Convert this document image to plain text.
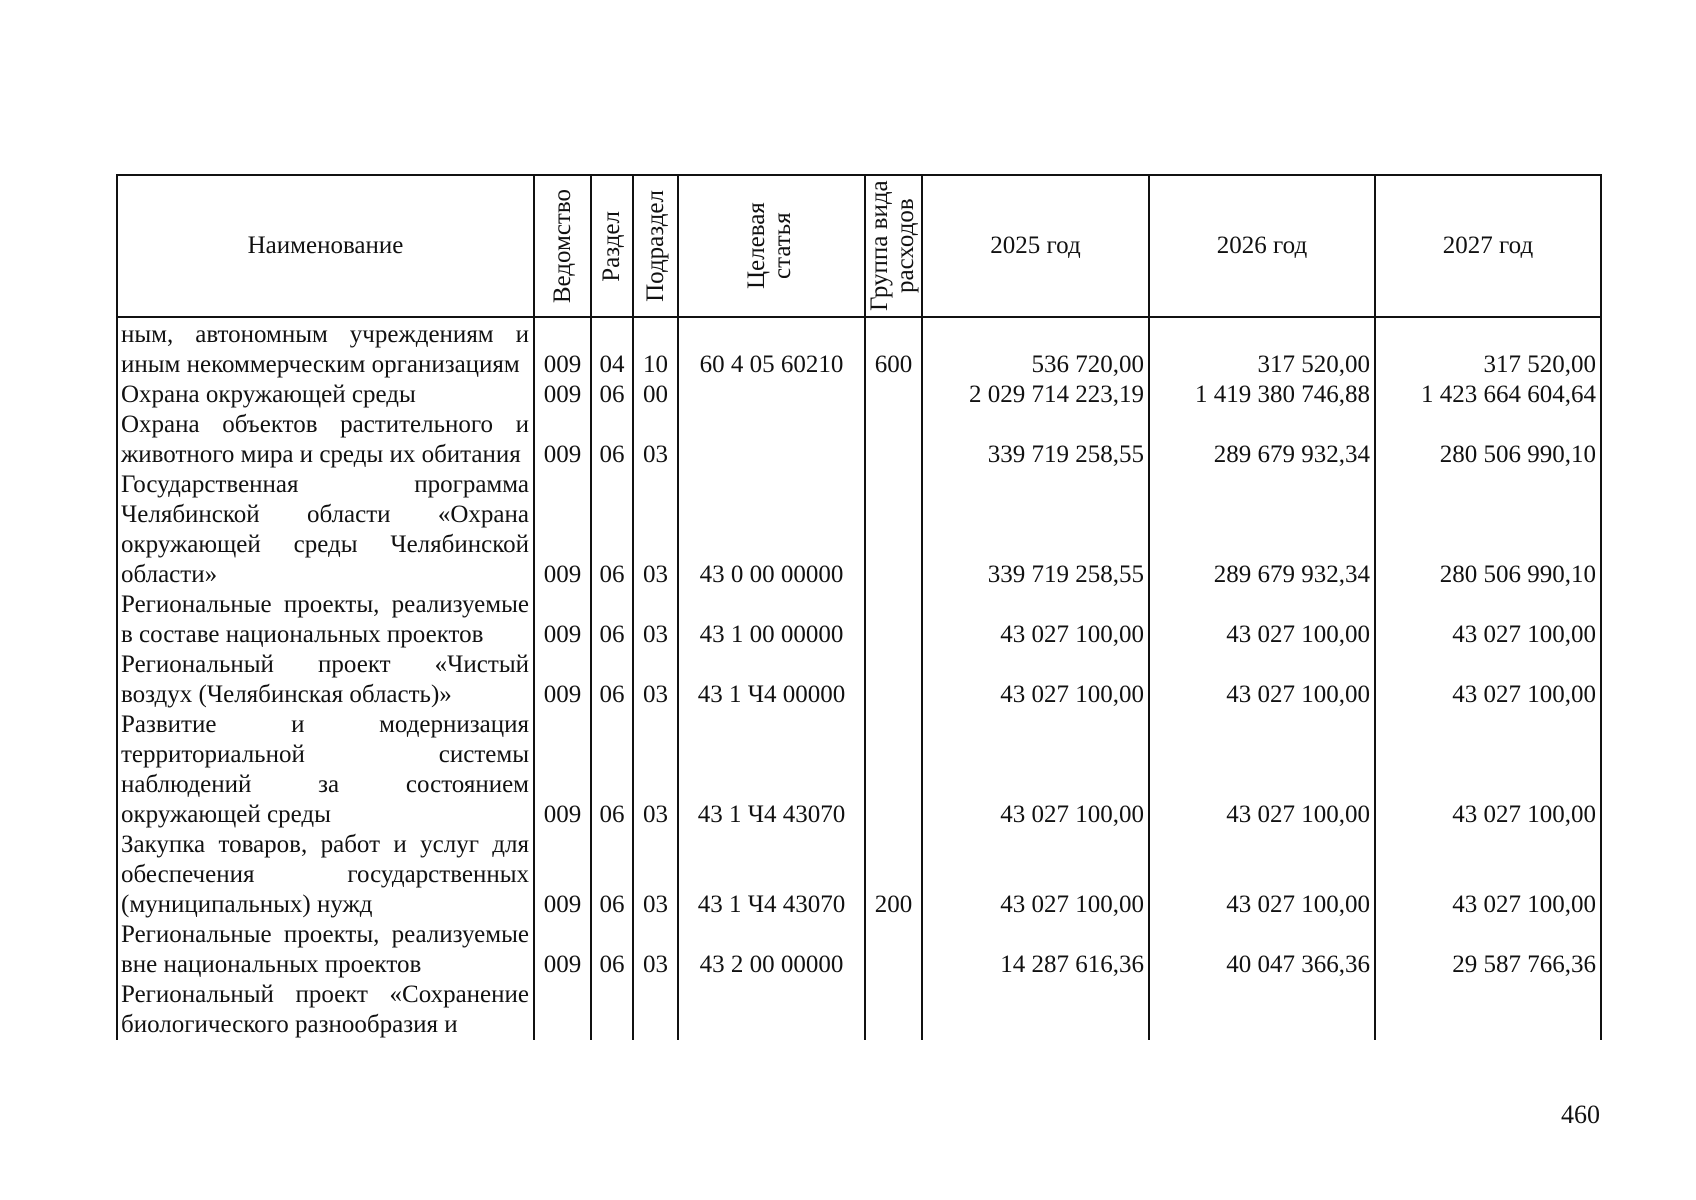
Наименование	Ведомство	Раздел	Подраздел	Целевая статья	Группа вида расходов	2025 год	2026 год	2027 год

ным, автономным учреждениям и иным некоммерческим организациям	009	04	10	60 4 05 60210	600	536 720,00	317 520,00	317 520,00
Охрана окружающей среды	009	06	00			2 029 714 223,19	1 419 380 746,88	1 423 664 604,64
Охрана объектов растительного и животного мира и среды их обитания	009	06	03			339 719 258,55	289 679 932,34	280 506 990,10
Государственная программа Челябинской области «Охрана окружающей среды Челябинской области»	009	06	03	43 0 00 00000		339 719 258,55	289 679 932,34	280 506 990,10
Региональные проекты, реализуемые в составе национальных проектов	009	06	03	43 1 00 00000		43 027 100,00	43 027 100,00	43 027 100,00
Региональный проект «Чистый воздух (Челябинская область)»	009	06	03	43 1 Ч4 00000		43 027 100,00	43 027 100,00	43 027 100,00
Развитие и модернизация территориальной системы наблюдений за состоянием окружающей среды	009	06	03	43 1 Ч4 43070		43 027 100,00	43 027 100,00	43 027 100,00
Закупка товаров, работ и услуг для обеспечения государственных (муниципальных) нужд	009	06	03	43 1 Ч4 43070	200	43 027 100,00	43 027 100,00	43 027 100,00
Региональные проекты, реализуемые вне национальных проектов	009	06	03	43 2 00 00000		14 287 616,36	40 047 366,36	29 587 766,36
Региональный проект «Сохранение биологического разнообразия и								
460
